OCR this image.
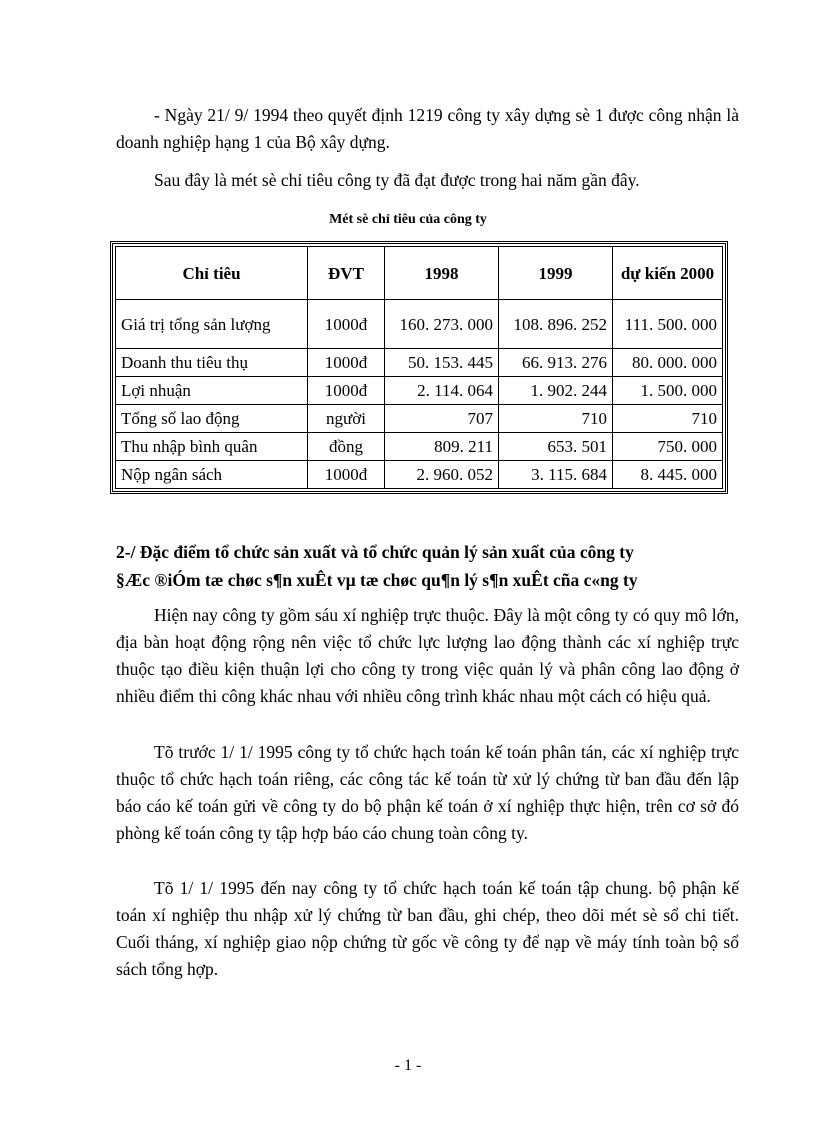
- Ngày 21/ 9/ 1994 theo quyết định 1219 công ty xây dựng sè 1 được công nhận là doanh nghiệp hạng 1 của Bộ xây dựng.

Sau đây là mét sè chỉ tiêu công ty đã đạt được trong hai năm gần đây.

Mét sè chỉ tiêu của công ty
Chỉ tiêu	ĐVT	1998	1999	dự kiến 2000
Giá trị tổng sản lượng	1000đ	160. 273. 000	108. 896. 252	111. 500. 000
Doanh thu tiêu thụ	1000đ	50. 153. 445	66. 913. 276	80. 000. 000
Lợi nhuận	1000đ	2. 114. 064	1. 902. 244	1. 500. 000
Tổng số lao động	người	707	710	710
Thu nhập bình quân	đồng	809. 211	653. 501	750. 000
Nộp ngân sách	1000đ	2. 960. 052	3. 115. 684	8. 445. 000

2-/ Đặc điểm tổ chức sản xuất và tổ chức quản lý sản xuất của công ty

§Æc ®iÓm tæ chøc s¶n xuÊt vµ tæ chøc qu¶n lý s¶n xuÊt cña c«ng ty

Hiện nay công ty gồm sáu xí nghiệp trực thuộc. Đây là một công ty có quy mô lớn, địa bàn hoạt động rộng nên việc tổ chức lực lượng lao động thành các xí nghiệp trực thuộc tạo điều kiện thuận lợi cho công ty trong việc quản lý và phân công lao động ở nhiều điểm thi công khác nhau với nhiều công trình khác nhau một cách có hiệu quả.

Tõ trước 1/ 1/ 1995 công ty tổ chức hạch toán kế toán phân tán, các xí nghiệp trực thuộc tổ chức hạch toán riêng, các công tác kế toán từ xử lý chứng từ ban đầu đến lập báo cáo kế toán gửi về công ty do bộ phận kế toán ở xí nghiệp thực hiện, trên cơ sở đó phòng kế toán công ty tập hợp báo cáo chung toàn công ty.

Tõ 1/ 1/ 1995 đến nay công ty tổ chức hạch toán kế toán tập chung. bộ phận kế toán xí nghiệp thu nhập xử lý chứng từ ban đầu, ghi chép, theo dõi mét sè sổ chi tiết. Cuối tháng, xí nghiệp giao nộp chứng từ gốc về công ty để nạp về máy tính toàn bộ sổ sách tổng hợp.

- 1 -
